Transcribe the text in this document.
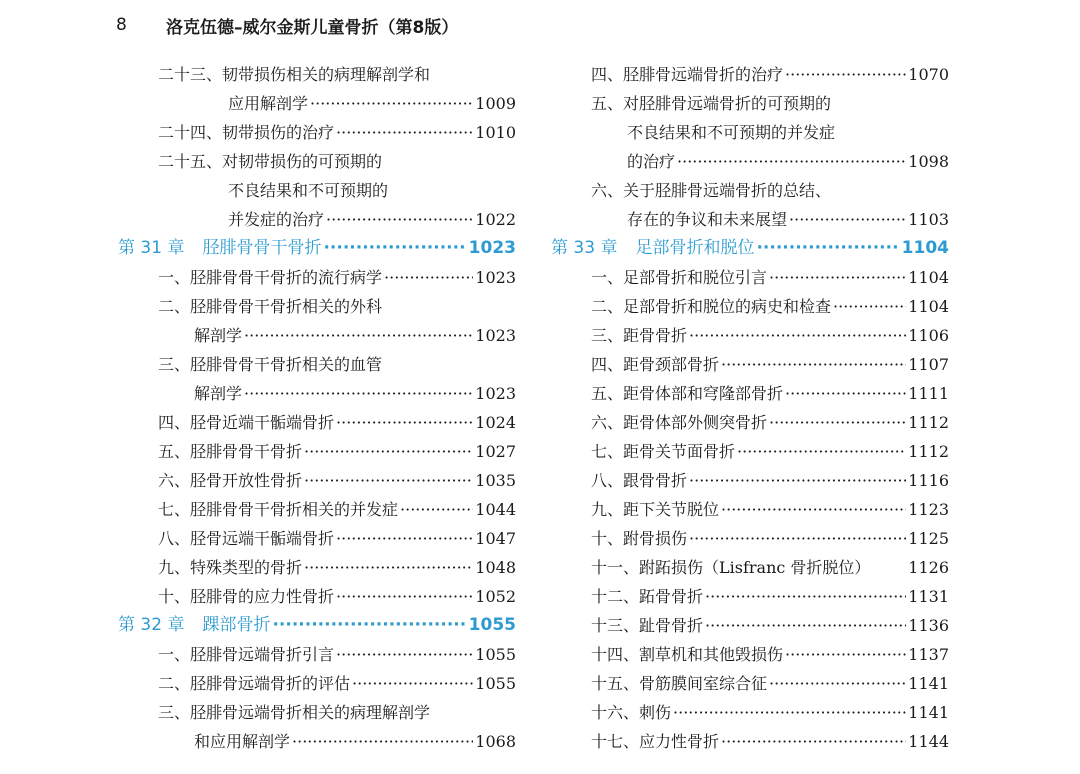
8	洛克伍德–威尔金斯儿童骨折（第8版）
二十三、韧带损伤相关的病理解剖学和
应用解剖学 ·····	1009
二十四、韧带损伤的治疗 ·····	1010
二十五、对韧带损伤的可预期的
不良结果和不可预期的
并发症的治疗 ·····	1022
第 31 章 胫腓骨骨干骨折 ·····	1023
一、胫腓骨骨干骨折的流行病学 ·····	1023
二、胫腓骨骨干骨折相关的外科
解剖学 ·····	1023
三、胫腓骨骨干骨折相关的血管
解剖学 ·····	1023
四、胫骨近端干骺端骨折 ·····	1024
五、胫腓骨骨干骨折 ·····	1027
六、胫骨开放性骨折 ·····	1035
七、胫腓骨骨干骨折相关的并发症 ·····	1044
八、胫骨远端干骺端骨折 ·····	1047
九、特殊类型的骨折 ·····	1048
十、胫腓骨的应力性骨折 ·····	1052
第 32 章 踝部骨折 ·····	1055
一、胫腓骨远端骨折引言 ·····	1055
二、胫腓骨远端骨折的评估 ·····	1055
三、胫腓骨远端骨折相关的病理解剖学
和应用解剖学 ·····	1068
四、胫腓骨远端骨折的治疗 ·····	1070
五、对胫腓骨远端骨折的可预期的
不良结果和不可预期的并发症
的治疗 ·····	1098
六、关于胫腓骨远端骨折的总结、
存在的争议和未来展望 ·····	1103
第 33 章 足部骨折和脱位 ·····	1104
一、足部骨折和脱位引言 ·····	1104
二、足部骨折和脱位的病史和检查 ·····	1104
三、距骨骨折 ·····	1106
四、距骨颈部骨折 ·····	1107
五、距骨体部和穹隆部骨折 ·····	1111
六、距骨体部外侧突骨折 ·····	1112
七、距骨关节面骨折 ·····	1112
八、跟骨骨折 ·····	1116
九、距下关节脱位 ·····	1123
十、跗骨损伤 ·····	1125
十一、跗跖损伤（Lisfranc 骨折脱位） 1126
十二、跖骨骨折 ·····	1131
十三、趾骨骨折 ·····	1136
十四、割草机和其他毁损伤 ·····	1137
十五、骨筋膜间室综合征 ·····	1141
十六、刺伤 ·····	1141
十七、应力性骨折 ·····	1144
